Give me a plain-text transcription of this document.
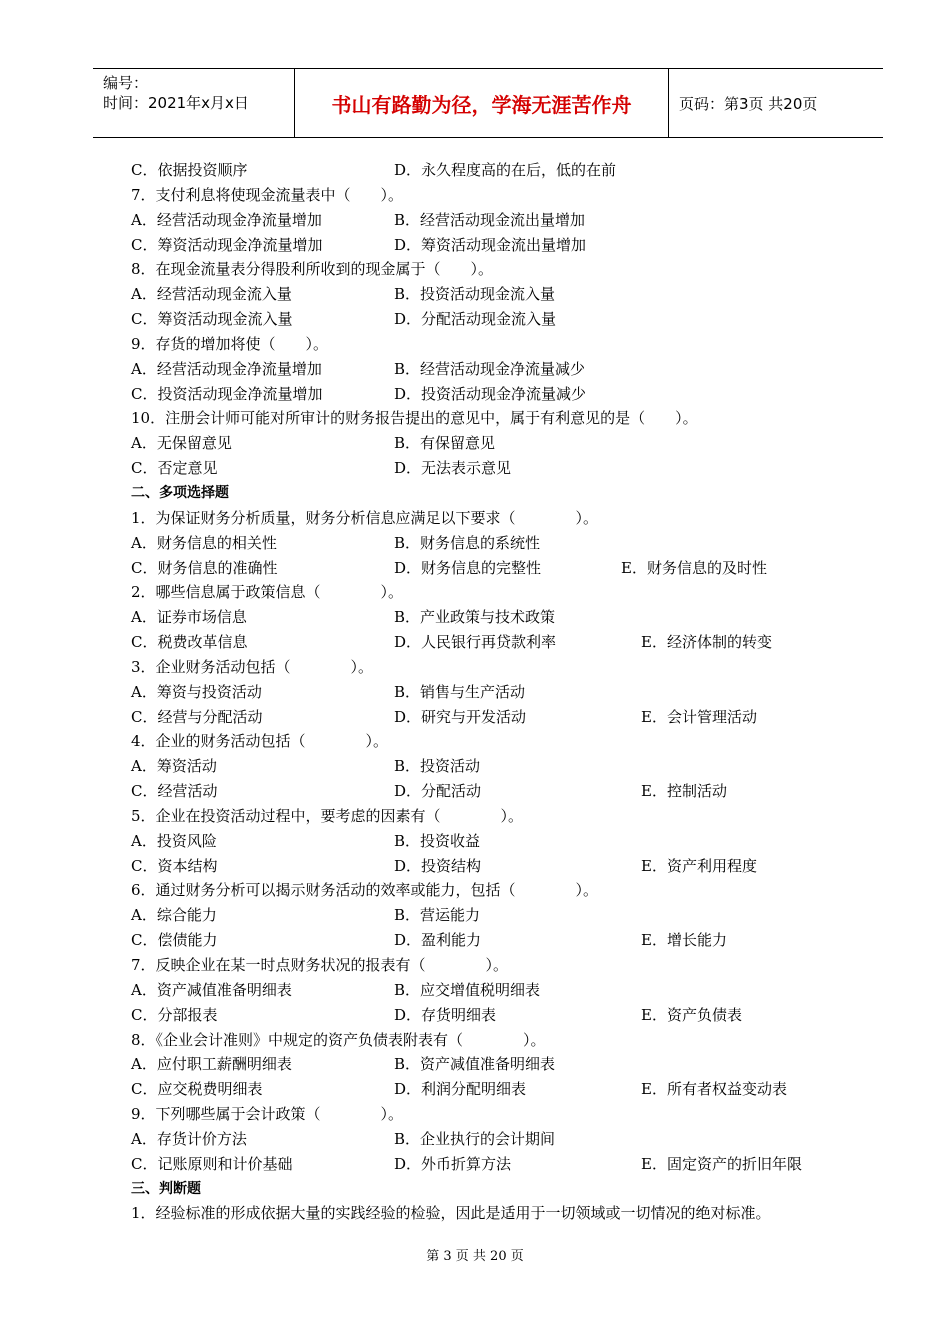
编号：
时间：2021年x月x日	书山有路勤为径，学海无涯苦作舟	页码：第3页 共20页
C．依据投资顺序	D．永久程度高的在后，低的在前
7．支付利息将使现金流量表中（　　）。
A．经营活动现金净流量增加	B．经营活动现金流出量增加
C．筹资活动现金净流量增加	D．筹资活动现金流出量增加
8．在现金流量表分得股利所收到的现金属于（　　）。
A．经营活动现金流入量	B．投资活动现金流入量
C．筹资活动现金流入量	D．分配活动现金流入量
9．存货的增加将使（　　）。
A．经营活动现金净流量增加	B．经营活动现金净流量减少
C．投资活动现金净流量增加	D．投资活动现金净流量减少
10．注册会计师可能对所审计的财务报告提出的意见中，属于有利意见的是（　　）。
A．无保留意见	B．有保留意见
C．否定意见	D．无法表示意见
二、多项选择题
1．为保证财务分析质量，财务分析信息应满足以下要求（　　　　）。
A．财务信息的相关性	B．财务信息的系统性
C．财务信息的准确性	D．财务信息的完整性	E．财务信息的及时性
2．哪些信息属于政策信息（　　　　）。
A．证券市场信息	B．产业政策与技术政策
C．税费改革信息	D．人民银行再贷款利率	E．经济体制的转变
3．企业财务活动包括（　　　　）。
A．筹资与投资活动	B．销售与生产活动
C．经营与分配活动	D．研究与开发活动	E．会计管理活动
4．企业的财务活动包括（　　　　）。
A．筹资活动	B．投资活动
C．经营活动	D．分配活动	E．控制活动
5．企业在投资活动过程中，要考虑的因素有（　　　　）。
A．投资风险	B．投资收益
C．资本结构	D．投资结构	E．资产利用程度
6．通过财务分析可以揭示财务活动的效率或能力，包括（　　　　）。
A．综合能力	B．营运能力
C．偿债能力	D．盈利能力	E．增长能力
7．反映企业在某一时点财务状况的报表有（　　　　）。
A．资产减值准备明细表	B．应交增值税明细表
C．分部报表	D．存货明细表	E．资产负债表
8．《企业会计准则》中规定的资产负债表附表有（　　　　）。
A．应付职工薪酬明细表	B．资产减值准备明细表
C．应交税费明细表	D．利润分配明细表	E．所有者权益变动表
9．下列哪些属于会计政策（　　　　）。
A．存货计价方法	B．企业执行的会计期间
C．记账原则和计价基础	D．外币折算方法	E．固定资产的折旧年限
三、判断题
1．经验标准的形成依据大量的实践经验的检验，因此是适用于一切领域或一切情况的绝对标准。
第 3 页 共 20 页
